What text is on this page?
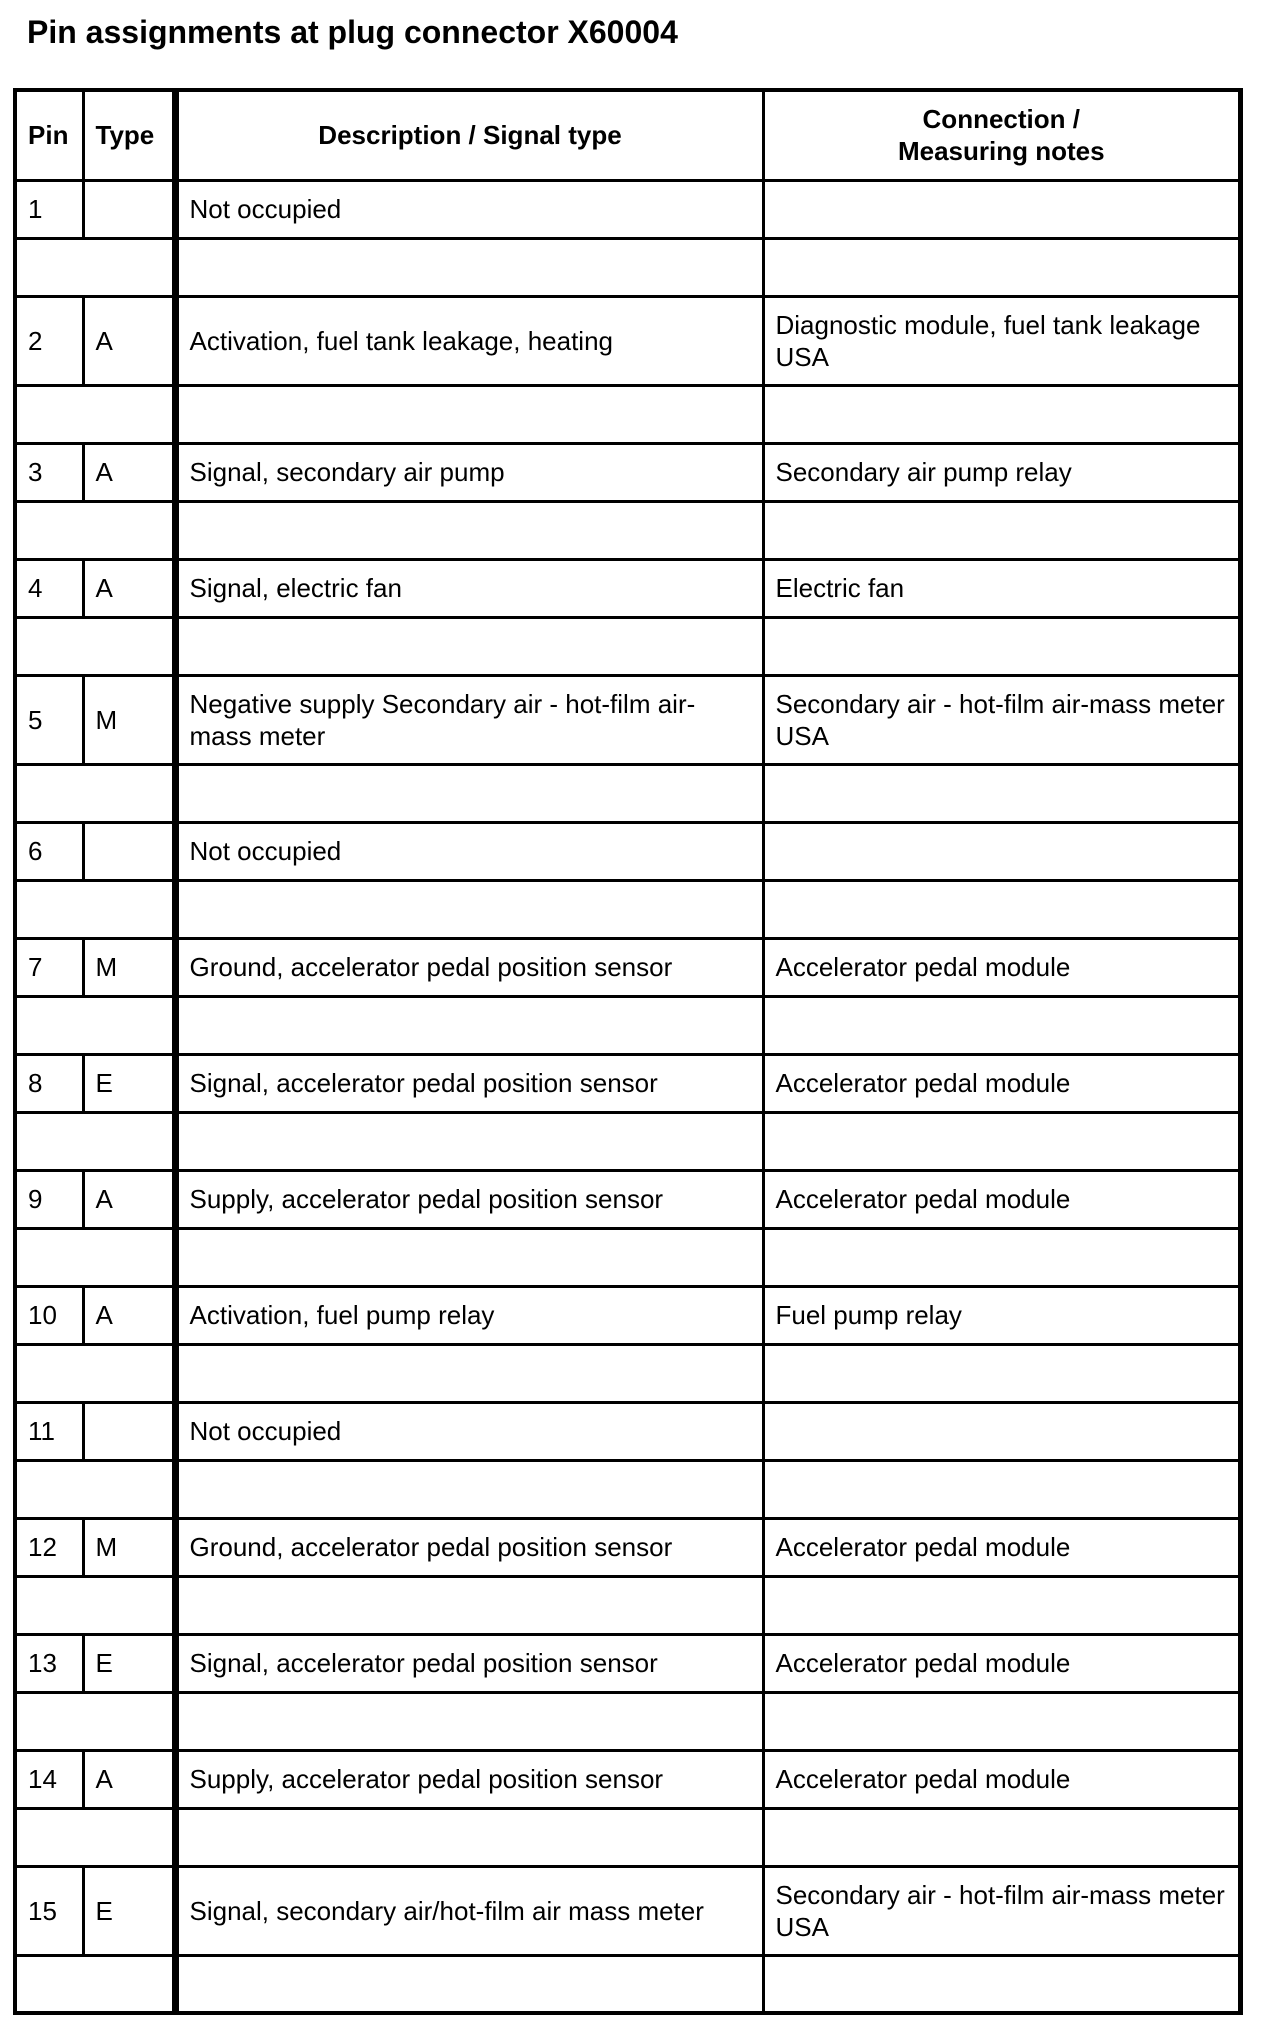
Pin assignments at plug connector X60004
Pin	Type	Description / Signal type	Connection /
Measuring notes
1		Not occupied	

2	A	Activation, fuel tank leakage, heating	Diagnostic module, fuel tank leakage USA

3	A	Signal, secondary air pump	Secondary air pump relay

4	A	Signal, electric fan	Electric fan

5	M	Negative supply Secondary air - hot-film air-mass meter	Secondary air - hot-film air-mass meter USA

6		Not occupied	

7	M	Ground, accelerator pedal position sensor	Accelerator pedal module

8	E	Signal, accelerator pedal position sensor	Accelerator pedal module

9	A	Supply, accelerator pedal position sensor	Accelerator pedal module

10	A	Activation, fuel pump relay	Fuel pump relay

11		Not occupied	

12	M	Ground, accelerator pedal position sensor	Accelerator pedal module

13	E	Signal, accelerator pedal position sensor	Accelerator pedal module

14	A	Supply, accelerator pedal position sensor	Accelerator pedal module

15	E	Signal, secondary air/hot-film air mass meter	Secondary air - hot-film air-mass meter USA
